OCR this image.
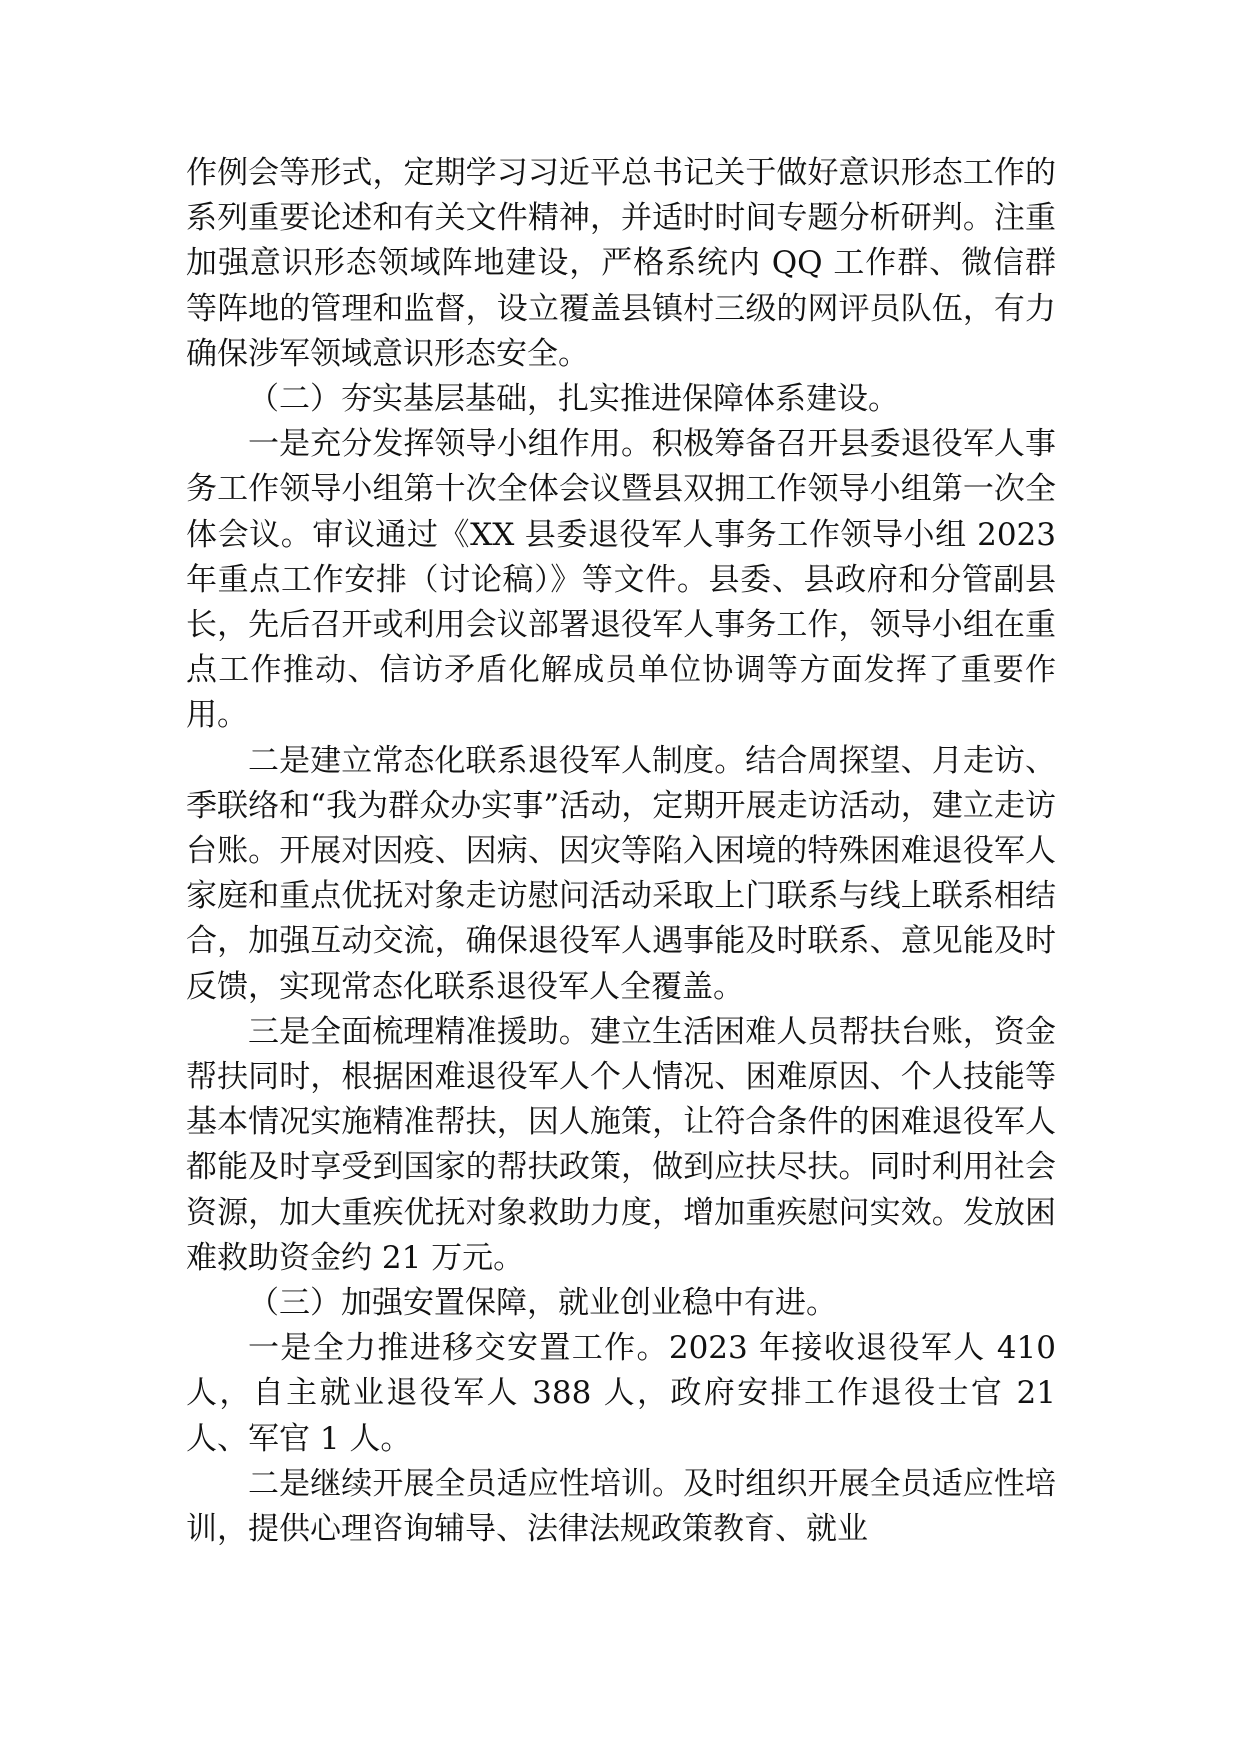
作例会等形式，定期学习习近平总书记关于做好意识形态工作的系列重要论述和有关文件精神，并适时时间专题分析研判。注重加强意识形态领域阵地建设，严格系统内 QQ 工作群、微信群等阵地的管理和监督，设立覆盖县镇村三级的网评员队伍，有力确保涉军领域意识形态安全。

（二）夯实基层基础，扎实推进保障体系建设。

一是充分发挥领导小组作用。积极筹备召开县委退役军人事务工作领导小组第十次全体会议暨县双拥工作领导小组第一次全体会议。审议通过《XX 县委退役军人事务工作领导小组 2023 年重点工作安排（讨论稿）》等文件。县委、县政府和分管副县长，先后召开或利用会议部署退役军人事务工作，领导小组在重点工作推动、信访矛盾化解成员单位协调等方面发挥了重要作用。

二是建立常态化联系退役军人制度。结合周探望、月走访、季联络和“我为群众办实事”活动，定期开展走访活动，建立走访台账。开展对因疫、因病、因灾等陷入困境的特殊困难退役军人家庭和重点优抚对象走访慰问活动采取上门联系与线上联系相结合，加强互动交流，确保退役军人遇事能及时联系、意见能及时反馈，实现常态化联系退役军人全覆盖。

三是全面梳理精准援助。建立生活困难人员帮扶台账，资金帮扶同时，根据困难退役军人个人情况、困难原因、个人技能等基本情况实施精准帮扶，因人施策，让符合条件的困难退役军人都能及时享受到国家的帮扶政策，做到应扶尽扶。同时利用社会资源，加大重疾优抚对象救助力度，增加重疾慰问实效。发放困难救助资金约 21 万元。

（三）加强安置保障，就业创业稳中有进。

一是全力推进移交安置工作。2023 年接收退役军人 410 人，自主就业退役军人 388 人，政府安排工作退役士官 21 人、军官 1 人。

二是继续开展全员适应性培训。及时组织开展全员适应性培训，提供心理咨询辅导、法律法规政策教育、就业
